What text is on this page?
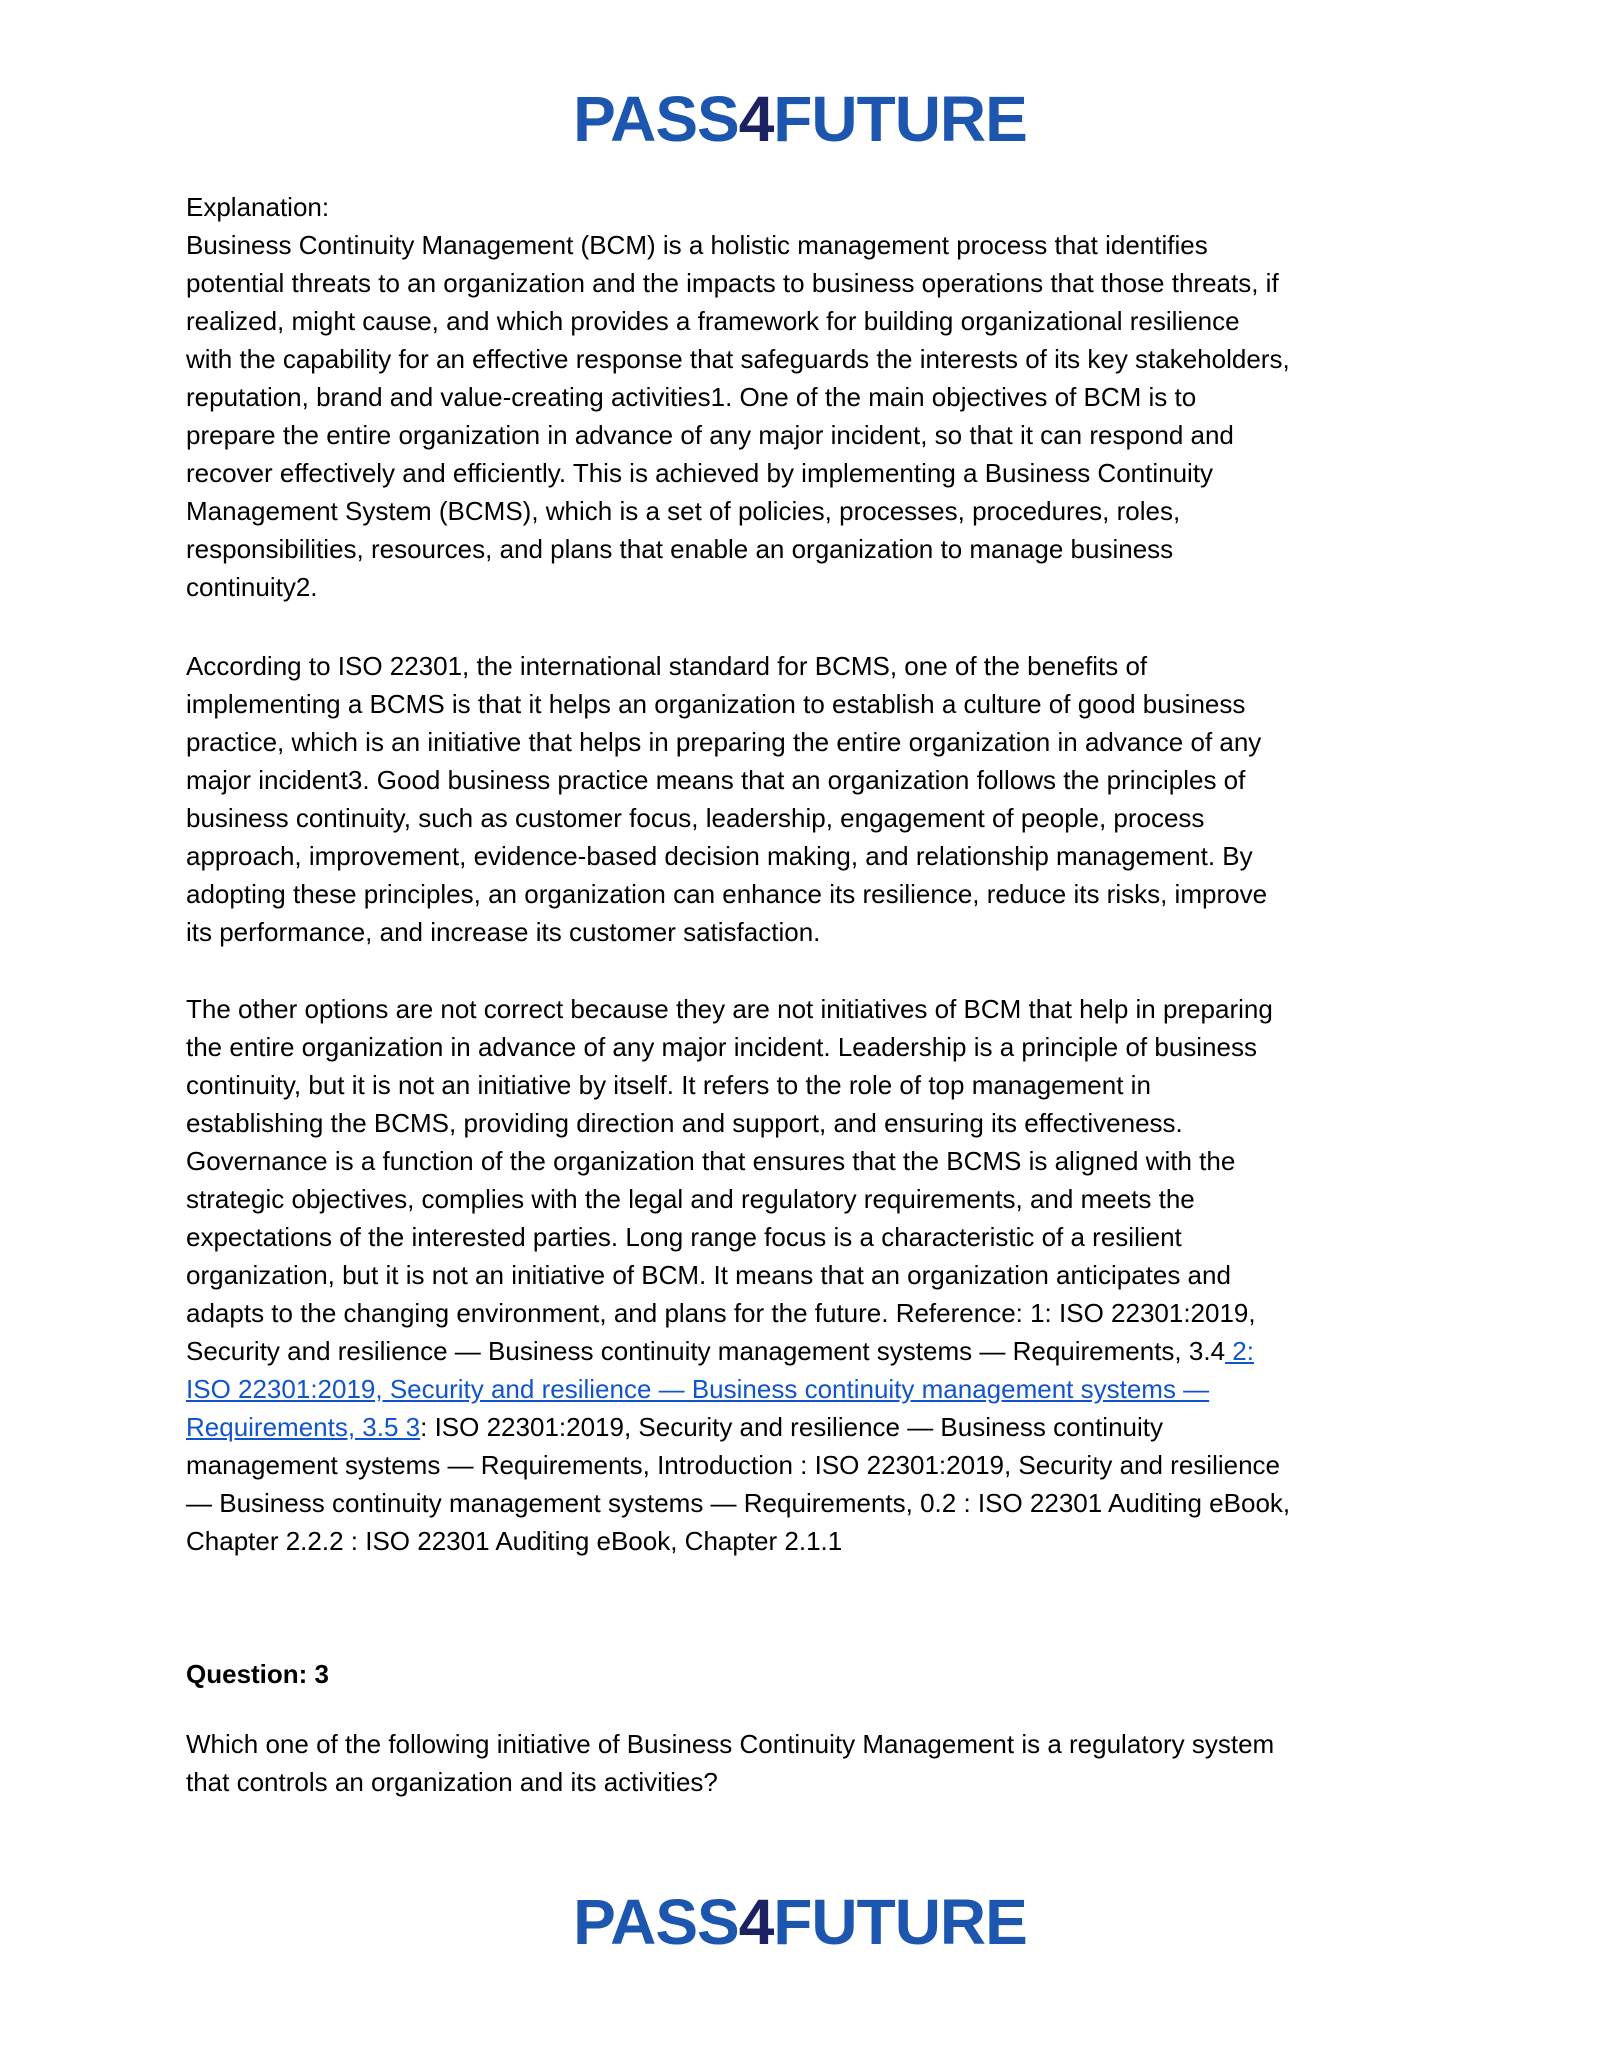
PASS4FUTURE
Explanation:
Business Continuity Management (BCM) is a holistic management process that identifies
potential threats to an organization and the impacts to business operations that those threats, if
realized, might cause, and which provides a framework for building organizational resilience
with the capability for an effective response that safeguards the interests of its key stakeholders,
reputation, brand and value-creating activities1. One of the main objectives of BCM is to
prepare the entire organization in advance of any major incident, so that it can respond and
recover effectively and efficiently. This is achieved by implementing a Business Continuity
Management System (BCMS), which is a set of policies, processes, procedures, roles,
responsibilities, resources, and plans that enable an organization to manage business
continuity2.
According to ISO 22301, the international standard for BCMS, one of the benefits of
implementing a BCMS is that it helps an organization to establish a culture of good business
practice, which is an initiative that helps in preparing the entire organization in advance of any
major incident3. Good business practice means that an organization follows the principles of
business continuity, such as customer focus, leadership, engagement of people, process
approach, improvement, evidence-based decision making, and relationship management. By
adopting these principles, an organization can enhance its resilience, reduce its risks, improve
its performance, and increase its customer satisfaction.
The other options are not correct because they are not initiatives of BCM that help in preparing
the entire organization in advance of any major incident. Leadership is a principle of business
continuity, but it is not an initiative by itself. It refers to the role of top management in
establishing the BCMS, providing direction and support, and ensuring its effectiveness.
Governance is a function of the organization that ensures that the BCMS is aligned with the
strategic objectives, complies with the legal and regulatory requirements, and meets the
expectations of the interested parties. Long range focus is a characteristic of a resilient
organization, but it is not an initiative of BCM. It means that an organization anticipates and
adapts to the changing environment, and plans for the future. Reference: 1: ISO 22301:2019,
Security and resilience — Business continuity management systems — Requirements, 3.4 2:
ISO 22301:2019, Security and resilience — Business continuity management systems —
Requirements, 3.5 3: ISO 22301:2019, Security and resilience — Business continuity
management systems — Requirements, Introduction : ISO 22301:2019, Security and resilience
— Business continuity management systems — Requirements, 0.2 : ISO 22301 Auditing eBook,
Chapter 2.2.2 : ISO 22301 Auditing eBook, Chapter 2.1.1
Question: 3
Which one of the following initiative of Business Continuity Management is a regulatory system
that controls an organization and its activities?
PASS4FUTURE
